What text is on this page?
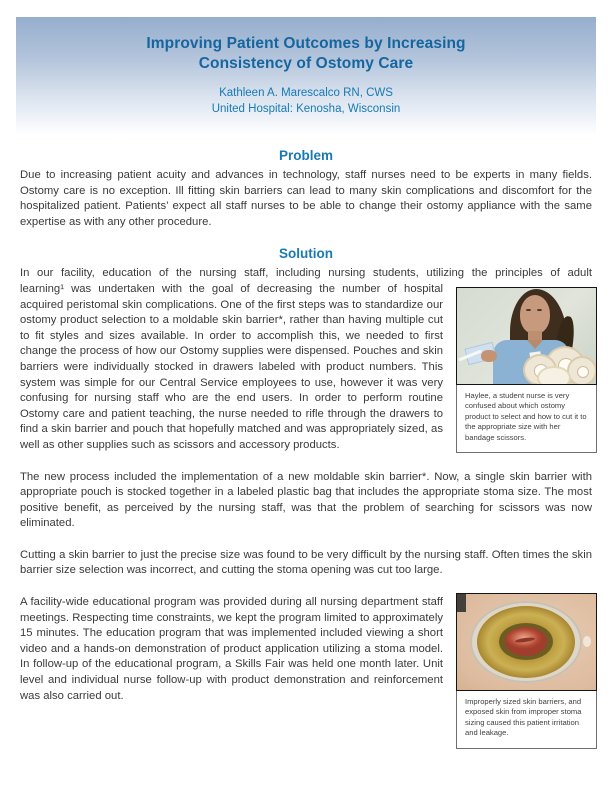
Improving Patient Outcomes by Increasing
Consistency of Ostomy Care
Kathleen A. Marescalco RN, CWS
United Hospital: Kenosha, Wisconsin
Problem

Due to increasing patient acuity and advances in technology, staff nurses need to be experts in many fields. Ostomy care is no exception. Ill fitting skin barriers can lead to many skin complications and discomfort for the hospitalized patient. Patients’ expect all staff nurses to be able to change their ostomy appliance with the same expertise as with any other procedure.

Solution

In our facility, education of the nursing staff, including nursing students, utilizing the principles of adult

Haylee, a student nurse is very confused about which ostomy product to select and how to cut it to the appropriate size with her bandage scissors.
learning¹ was undertaken with the goal of decreasing the number of hospital acquired peristomal skin complications. One of the first steps was to standardize our ostomy product selection to a moldable skin barrier*, rather than having multiple cut to fit styles and sizes available. In order to accomplish this, we needed to first change the process of how our Ostomy supplies were dispensed. Pouches and skin barriers were individually stocked in drawers labeled with product numbers. This system was simple for our Central Service employees to use, however it was very confusing for nursing staff who are the end users. In order to perform routine Ostomy care and patient teaching, the nurse needed to rifle through the drawers to find a skin barrier and pouch that hopefully matched and was appropriately sized, as well as other supplies such as scissors and accessory products.

The new process included the implementation of a new moldable skin barrier*. Now, a single skin barrier with appropriate pouch is stocked together in a labeled plastic bag that includes the appropriate stoma size. The most positive benefit, as perceived by the nursing staff, was that the problem of searching for scissors was now eliminated.

Cutting a skin barrier to just the precise size was found to be very difficult by the nursing staff. Often times the skin barrier size selection was incorrect, and cutting the stoma opening was cut too large.

Improperly sized skin barriers, and exposed skin from improper stoma sizing caused this patient irritation and leakage.
A facility-wide educational program was provided during all nursing department staff meetings. Respecting time constraints, we kept the program limited to approximately 15 minutes. The education program that was implemented included viewing a short video and a hands-on demonstration of product application utilizing a stoma model. In follow-up of the educational program, a Skills Fair was held one month later. Unit level and individual nurse follow-up with product demonstration and reinforcement was also carried out.
